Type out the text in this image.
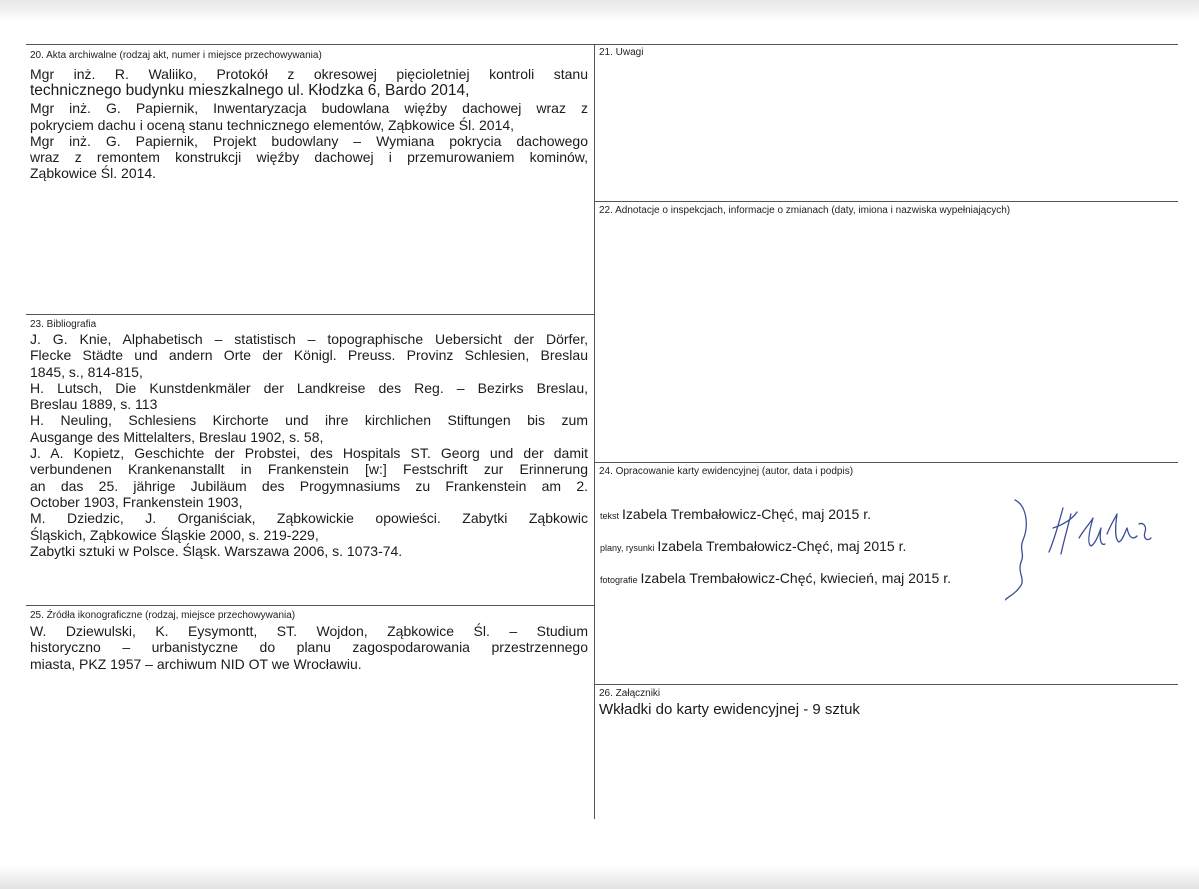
20. Akta archiwalne (rodzaj akt, numer i miejsce przechowywania)
Mgr inż. R. Waliiko, Protokół z okresowej pięcioletniej kontroli stanu
technicznego budynku mieszkalnego ul. Kłodzka 6, Bardo 2014,
Mgr inż. G. Papiernik, Inwentaryzacja budowlana więźby dachowej wraz z
pokryciem dachu i oceną stanu technicznego elementów, Ząbkowice Śl. 2014,
Mgr inż. G. Papiernik, Projekt budowlany – Wymiana pokrycia dachowego
wraz z remontem konstrukcji więźby dachowej i przemurowaniem kominów,
Ząbkowice Śl. 2014.
21. Uwagi
22. Adnotacje o inspekcjach, informacje o zmianach (daty, imiona i nazwiska wypełniających)
23. Bibliografia
J. G. Knie, Alphabetisch – statistisch – topographische Uebersicht der Dörfer,
Flecke Städte und andern Orte der Königl. Preuss. Provinz Schlesien, Breslau
1845, s., 814-815,
H. Lutsch, Die Kunstdenkmäler der Landkreise des Reg. – Bezirks Breslau,
Breslau 1889, s. 113
H. Neuling, Schlesiens Kirchorte und ihre kirchlichen Stiftungen bis zum
Ausgange des Mittelalters, Breslau 1902, s. 58,
J. A. Kopietz, Geschichte der Probstei, des Hospitals ST. Georg und der damit
verbundenen Krankenanstallt in Frankenstein [w:] Festschrift zur Erinnerung
an das 25. jährige Jubiläum des Progymnasiums zu Frankenstein am 2.
October 1903, Frankenstein 1903,
M. Dziedzic, J. Organiściak, Ząbkowickie opowieści. Zabytki Ząbkowic
Śląskich, Ząbkowice Śląskie 2000, s. 219-229,
Zabytki sztuki w Polsce. Śląsk. Warszawa 2006, s. 1073-74.
24. Opracowanie karty ewidencyjnej (autor, data i podpis)
tekst Izabela Trembałowicz-Chęć, maj 2015 r.
plany, rysunki Izabela Trembałowicz-Chęć, maj 2015 r.
fotografie Izabela Trembałowicz-Chęć, kwiecień, maj 2015 r.
25. Źródła ikonograficzne (rodzaj, miejsce przechowywania)
W. Dziewulski, K. Eysymontt, ST. Wojdon, Ząbkowice Śl. – Studium
historyczno – urbanistyczne do planu zagospodarowania przestrzennego
miasta, PKZ 1957 – archiwum NID OT we Wrocławiu.
26. Załączniki
Wkładki do karty ewidencyjnej - 9 sztuk
